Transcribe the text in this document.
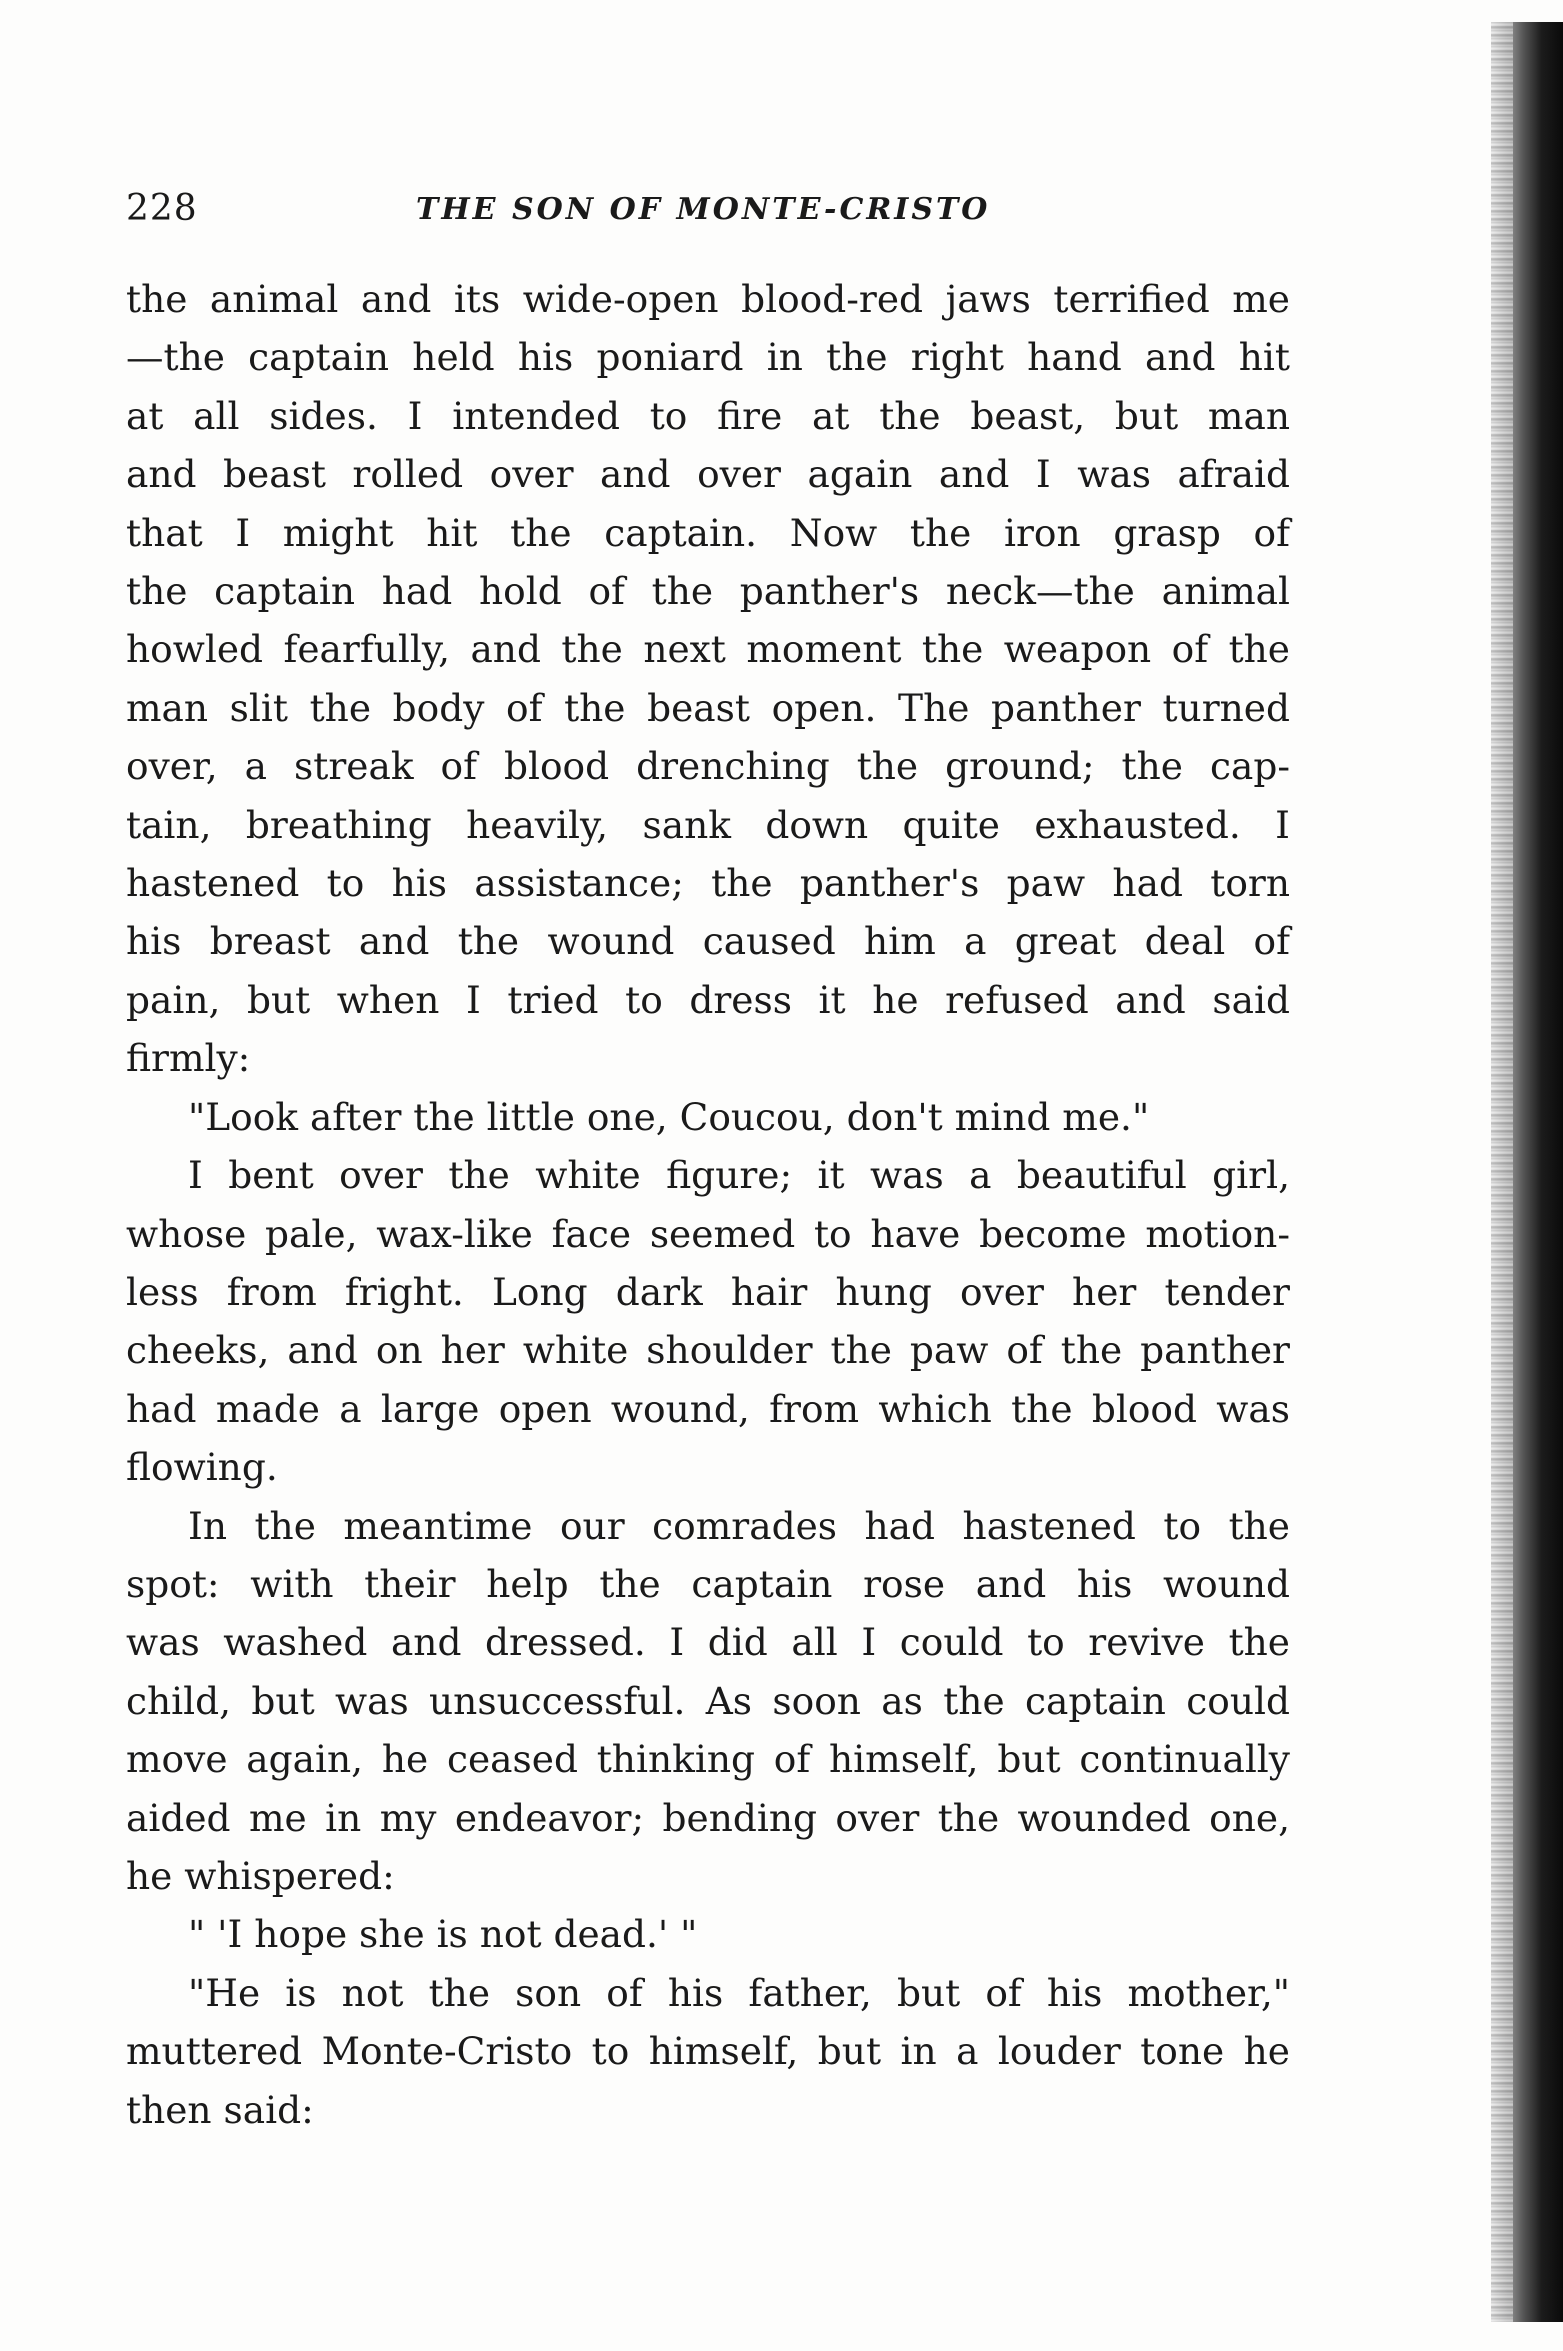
228	THE SON OF MONTE-CRISTO

the animal and its wide-open blood-red jaws terrified me

—the captain held his poniard in the right hand and hit

at all sides. I intended to fire at the beast, but man

and beast rolled over and over again and I was afraid

that I might hit the captain. Now the iron grasp of

the captain had hold of the panther's neck—the animal

howled fearfully, and the next moment the weapon of the

man slit the body of the beast open. The panther turned

over, a streak of blood drenching the ground; the cap-

tain, breathing heavily, sank down quite exhausted. I

hastened to his assistance; the panther's paw had torn

his breast and the wound caused him a great deal of

pain, but when I tried to dress it he refused and said

firmly:

"Look after the little one, Coucou, don't mind me."

I bent over the white figure; it was a beautiful girl,

whose pale, wax-like face seemed to have become motion-

less from fright. Long dark hair hung over her tender

cheeks, and on her white shoulder the paw of the panther

had made a large open wound, from which the blood was

flowing.

In the meantime our comrades had hastened to the

spot: with their help the captain rose and his wound

was washed and dressed. I did all I could to revive the

child, but was unsuccessful. As soon as the captain could

move again, he ceased thinking of himself, but continually

aided me in my endeavor; bending over the wounded one,

he whispered:

" 'I hope she is not dead.' "

"He is not the son of his father, but of his mother,"

muttered Monte-Cristo to himself, but in a louder tone he

then said:
